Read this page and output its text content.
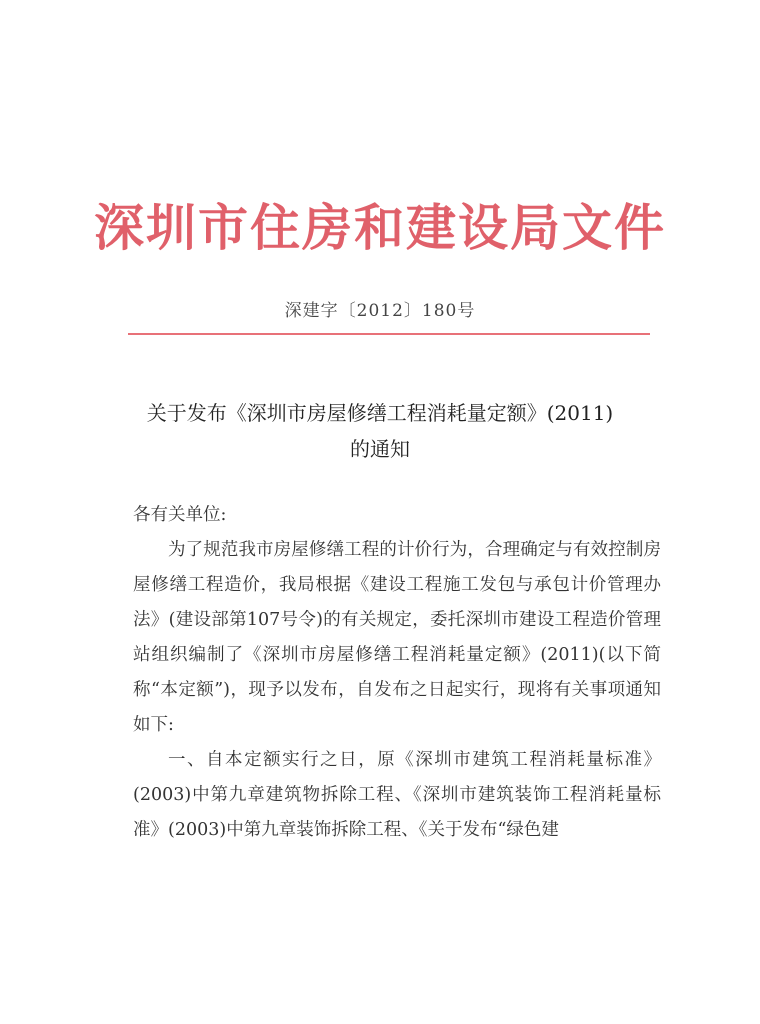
深圳市住房和建设局文件
深建字〔2012〕180号
关于发布《深圳市房屋修缮工程消耗量定额》(2011)
的通知

各有关单位:

为了规范我市房屋修缮工程的计价行为，合理确定与有效控制房屋修缮工程造价，我局根据《建设工程施工发包与承包计价管理办法》(建设部第107号令)的有关规定，委托深圳市建设工程造价管理站组织编制了《深圳市房屋修缮工程消耗量定额》(2011)(以下简称“本定额”)，现予以发布，自发布之日起实行，现将有关事项通知如下:

一、自本定额实行之日，原《深圳市建筑工程消耗量标准》(2003)中第九章建筑物拆除工程、《深圳市建筑装饰工程消耗量标准》(2003)中第九章装饰拆除工程、《关于发布“绿色建
